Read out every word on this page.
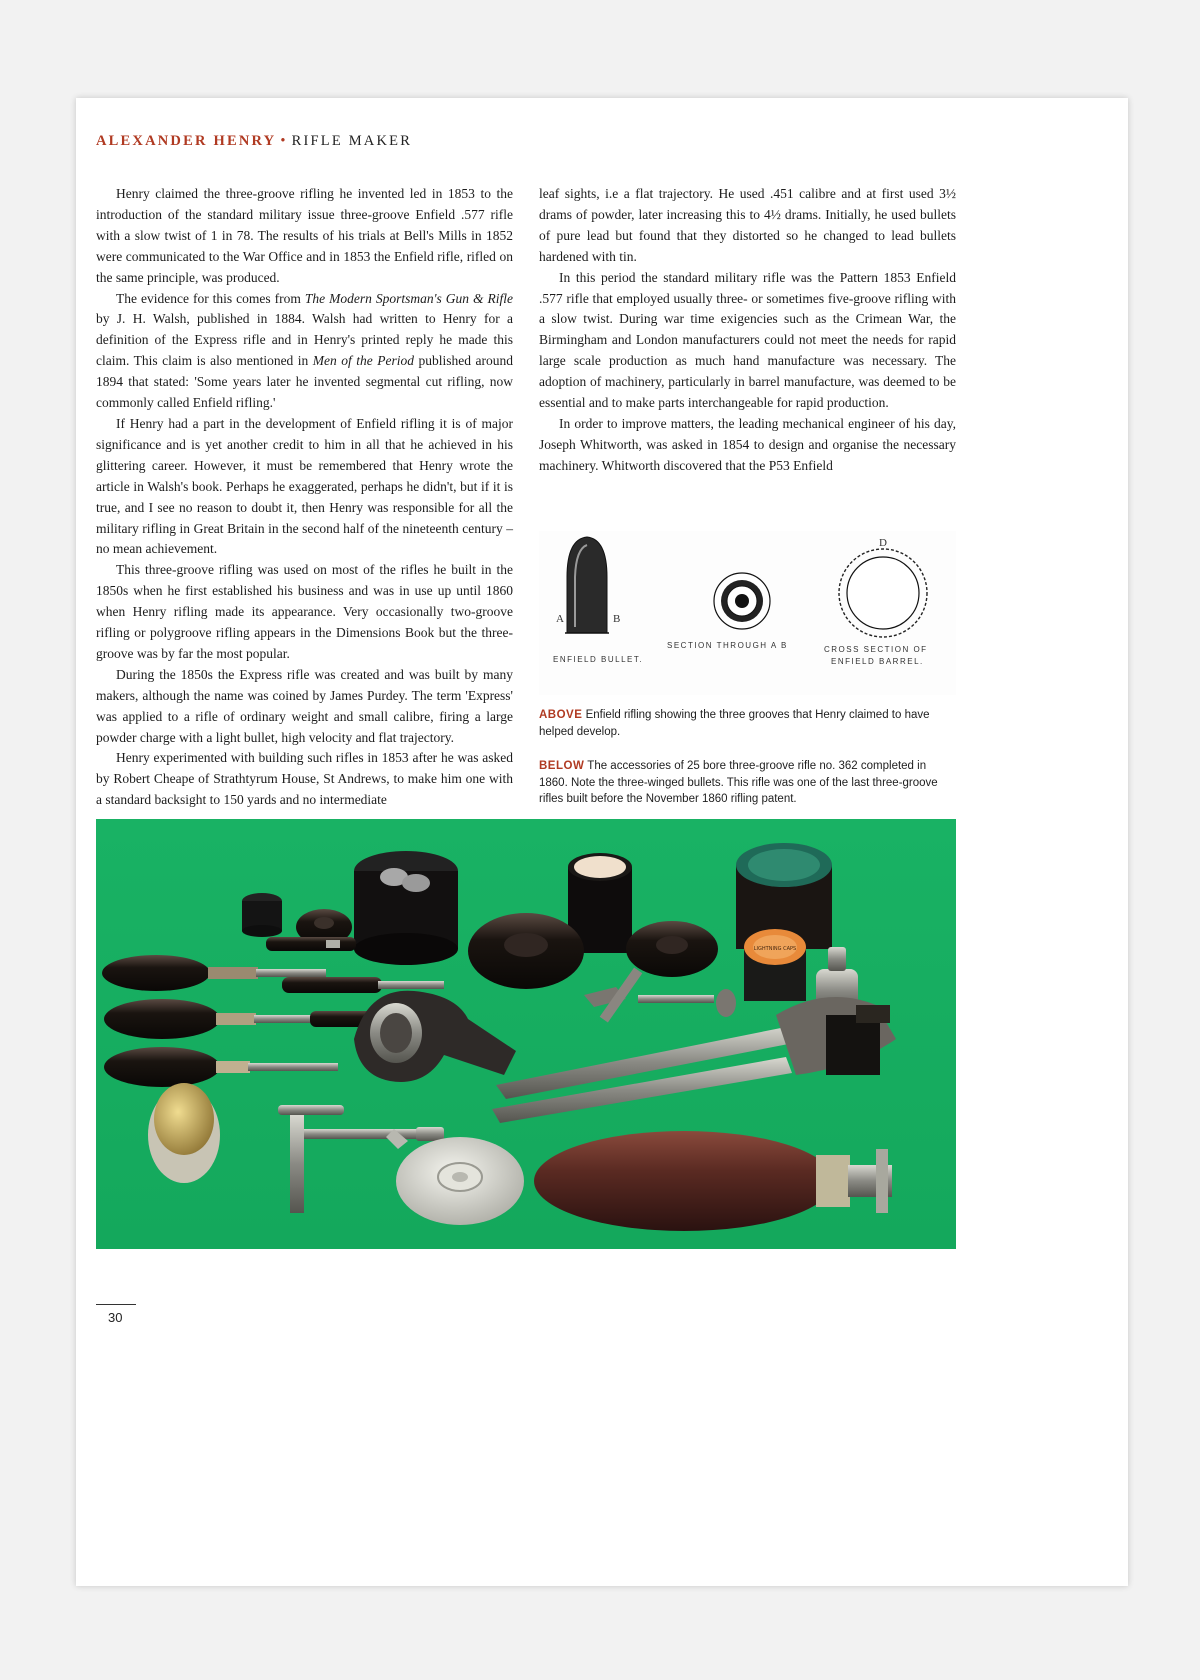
ALEXANDER HENRY • RIFLE MAKER

Henry claimed the three-groove rifling he invented led in 1853 to the introduction of the standard military issue three-groove Enfield .577 rifle with a slow twist of 1 in 78. The results of his trials at Bell's Mills in 1852 were communicated to the War Office and in 1853 the Enfield rifle, rifled on the same principle, was produced.

The evidence for this comes from The Modern Sportsman's Gun & Rifle by J. H. Walsh, published in 1884. Walsh had written to Henry for a definition of the Express rifle and in Henry's printed reply he made this claim. This claim is also mentioned in Men of the Period published around 1894 that stated: 'Some years later he invented segmental cut rifling, now commonly called Enfield rifling.'

If Henry had a part in the development of Enfield rifling it is of major significance and is yet another credit to him in all that he achieved in his glittering career. However, it must be remembered that Henry wrote the article in Walsh's book. Perhaps he exaggerated, perhaps he didn't, but if it is true, and I see no reason to doubt it, then Henry was responsible for all the military rifling in Great Britain in the second half of the nineteenth century – no mean achievement.

This three-groove rifling was used on most of the rifles he built in the 1850s when he first established his business and was in use up until 1860 when Henry rifling made its appearance. Very occasionally two-groove rifling or polygroove rifling appears in the Dimensions Book but the three-groove was by far the most popular.

During the 1850s the Express rifle was created and was built by many makers, although the name was coined by James Purdey. The term 'Express' was applied to a rifle of ordinary weight and small calibre, firing a large powder charge with a light bullet, high velocity and flat trajectory.

Henry experimented with building such rifles in 1853 after he was asked by Robert Cheape of Strathtyrum House, St Andrews, to make him one with a standard backsight to 150 yards and no intermediate

leaf sights, i.e a flat trajectory. He used .451 calibre and at first used 3½ drams of powder, later increasing this to 4½ drams. Initially, he used bullets of pure lead but found that they distorted so he changed to lead bullets hardened with tin.

In this period the standard military rifle was the Pattern 1853 Enfield .577 rifle that employed usually three- or sometimes five-groove rifling with a slow twist. During war time exigencies such as the Crimean War, the Birmingham and London manufacturers could not meet the needs for rapid large scale production as much hand manufacture was necessary. The adoption of machinery, particularly in barrel manufacture, was deemed to be essential and to make parts interchangeable for rapid production.

In order to improve matters, the leading mechanical engineer of his day, Joseph Whitworth, was asked in 1854 to design and organise the necessary machinery. Whitworth discovered that the P53 Enfield

A	B
D
ENFIELD BULLET.
SECTION THROUGH A B	CROSS SECTION OF
ENFIELD BARREL.
ABOVE Enfield rifling showing the three grooves that Henry claimed to have helped develop.
BELOW The accessories of 25 bore three-groove rifle no. 362 completed in 1860. Note the three-winged bullets. This rifle was one of the last three-groove rifles built before the November 1860 rifling patent.
LIGHTNING CAPS
30
